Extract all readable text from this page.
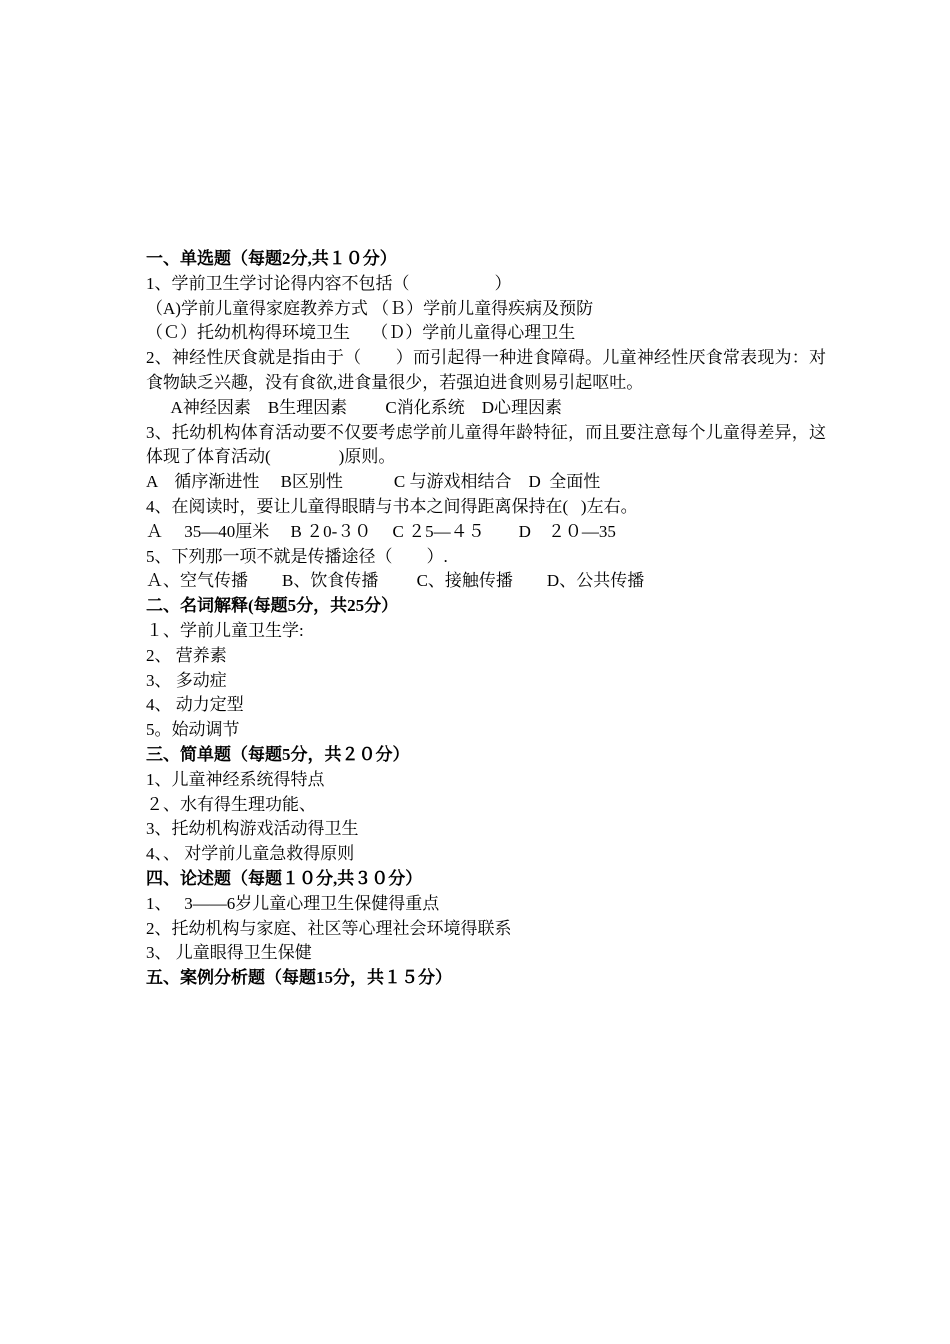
一、单选题（每题2分,共１０分）
1、学前卫生学讨论得内容不包括（　　　　　）
（A)学前儿童得家庭教养方式 （Ｂ）学前儿童得疾病及预防
（Ｃ）托幼机构得环境卫生　 （Ｄ）学前儿童得心理卫生
2、神经性厌食就是指由于（　　）而引起得一种进食障碍。儿童神经性厌食常表现为：对食物缺乏兴趣，没有食欲,进食量很少，若强迫进食则易引起呕吐。
　  A神经因素　B生理因素　　 C消化系统　D心理因素
3、托幼机构体育活动要不仅要考虑学前儿童得年龄特征，而且要注意每个儿童得差异，这体现了体育活动(　　　　)原则。
A　循序渐进性　 B区别性　　　C 与游戏相结合　D  全面性
4、在阅读时，要让儿童得眼睛与书本之间得距离保持在(   )左右。
Ａ　 35—40厘米　 B ２0-３０　 C ２5—４５　　D　２０—35
5、下列那一项不就是传播途径（　　）.
Ａ、空气传播　　B、饮食传播　　 C、接触传播　　D、公共传播
二、名词解释(每题5分，共25分）
１、学前儿童卫生学:
2、 营养素
3、 多动症
4、 动力定型
5。始动调节
三、简单题（每题5分，共２０分）
1、儿童神经系统得特点
２、水有得生理功能、
3、托幼机构游戏活动得卫生
4、、 对学前儿童急救得原则
四、论述题（每题１０分,共３０分）
1、　 3——6岁儿童心理卫生保健得重点
2、托幼机构与家庭、社区等心理社会环境得联系
3、 儿童眼得卫生保健
五、案例分析题（每题15分，共１５分）
